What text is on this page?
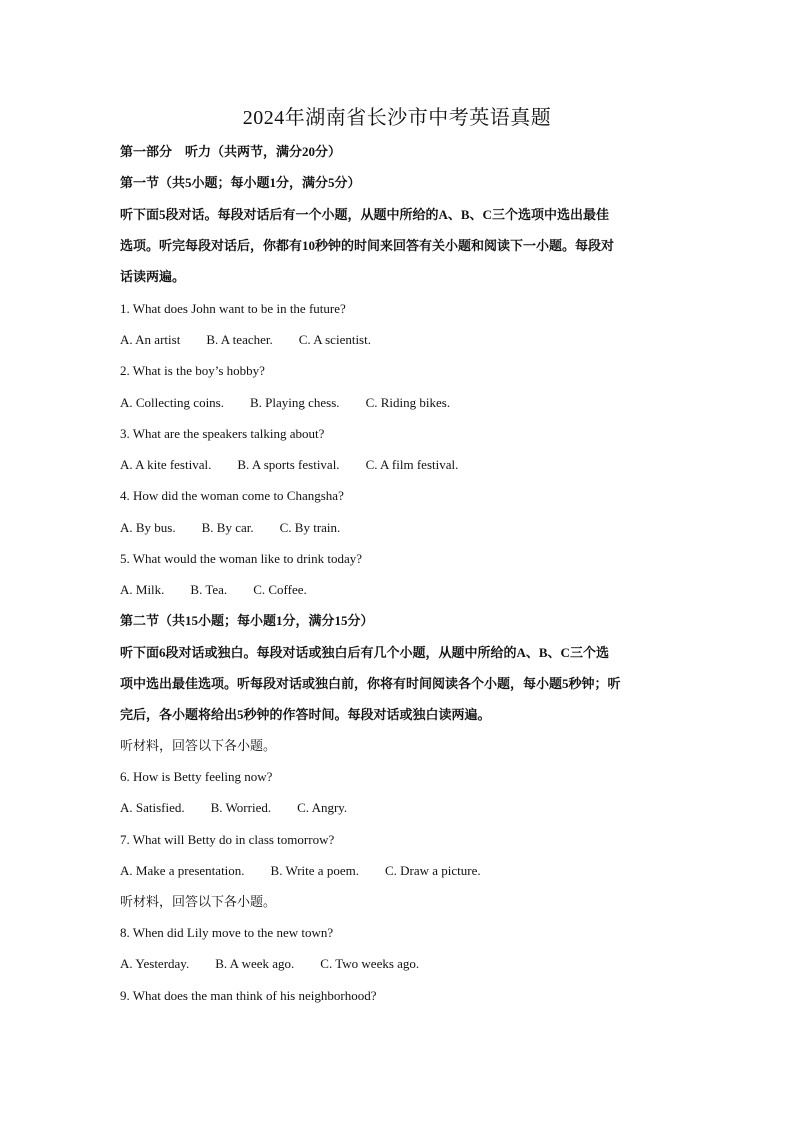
2024年湖南省长沙市中考英语真题
第一部分　听力（共两节，满分20分）
第一节（共5小题；每小题1分，满分5分）
听下面5段对话。每段对话后有一个小题，从题中所给的A、B、C三个选项中选出最佳
选项。听完每段对话后，你都有10秒钟的时间来回答有关小题和阅读下一小题。每段对
话读两遍。
1. What does John want to be in the future?
A. An artist B. A teacher. C. A scientist.
2. What is the boy’s hobby?
A. Collecting coins. B. Playing chess. C. Riding bikes.
3. What are the speakers talking about?
A. A kite festival. B. A sports festival. C. A film festival.
4. How did the woman come to Changsha?
A. By bus. B. By car. C. By train.
5. What would the woman like to drink today?
A. Milk. B. Tea. C. Coffee.
第二节（共15小题；每小题1分，满分15分）
听下面6段对话或独白。每段对话或独白后有几个小题，从题中所给的A、B、C三个选
项中选出最佳选项。听每段对话或独白前，你将有时间阅读各个小题，每小题5秒钟；听
完后，各小题将给出5秒钟的作答时间。每段对话或独白读两遍。
听材料，回答以下各小题。
6. How is Betty feeling now?
A. Satisfied. B. Worried. C. Angry.
7. What will Betty do in class tomorrow?
A. Make a presentation. B. Write a poem. C. Draw a picture.
听材料，回答以下各小题。
8. When did Lily move to the new town?
A. Yesterday. B. A week ago. C. Two weeks ago.
9. What does the man think of his neighborhood?
